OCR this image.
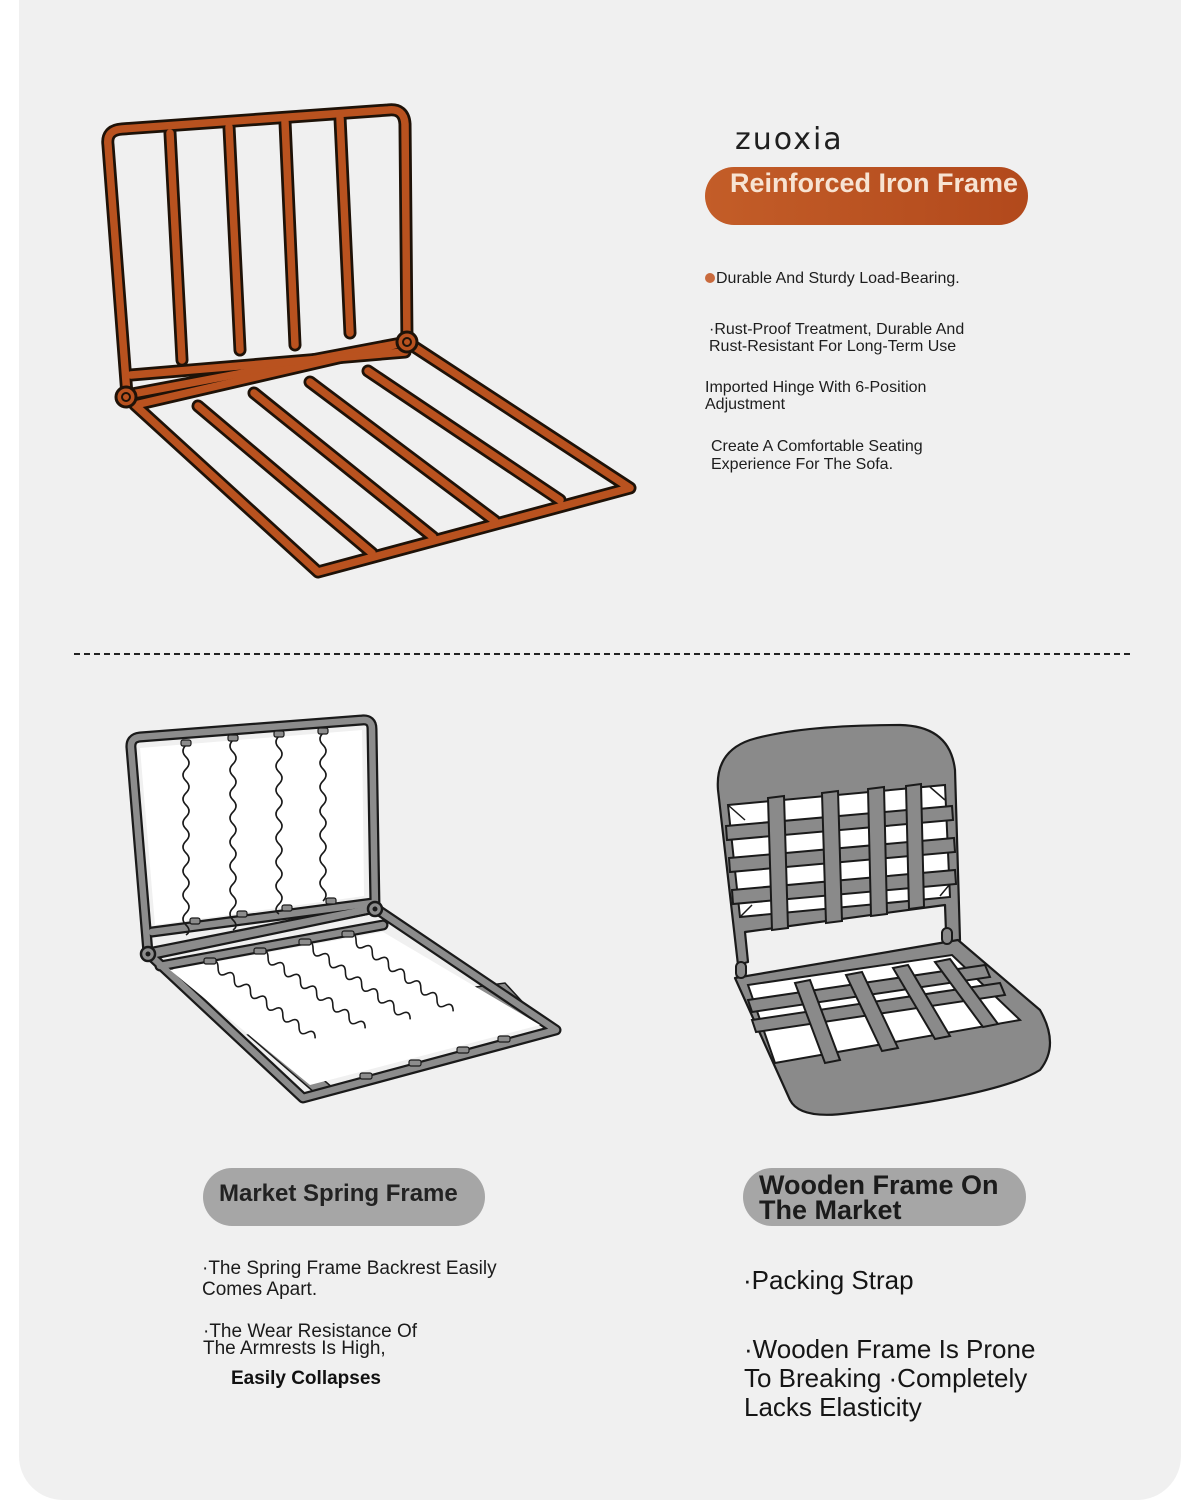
zuoxia
Reinforced Iron Frame
Durable And Sturdy Load-Bearing.
·Rust-Proof Treatment, Durable And Rust-Resistant For Long-Term Use
Imported Hinge With 6-Position Adjustment
Create A Comfortable Seating Experience For The Sofa.
Market Spring Frame	Wooden Frame On The Market
·The Spring Frame Backrest Easily Comes Apart.
·The Wear Resistance Of The Armrests Is High,
Easily Collapses
·Packing Strap
·Wooden Frame Is Prone To Breaking ·Completely Lacks Elasticity
